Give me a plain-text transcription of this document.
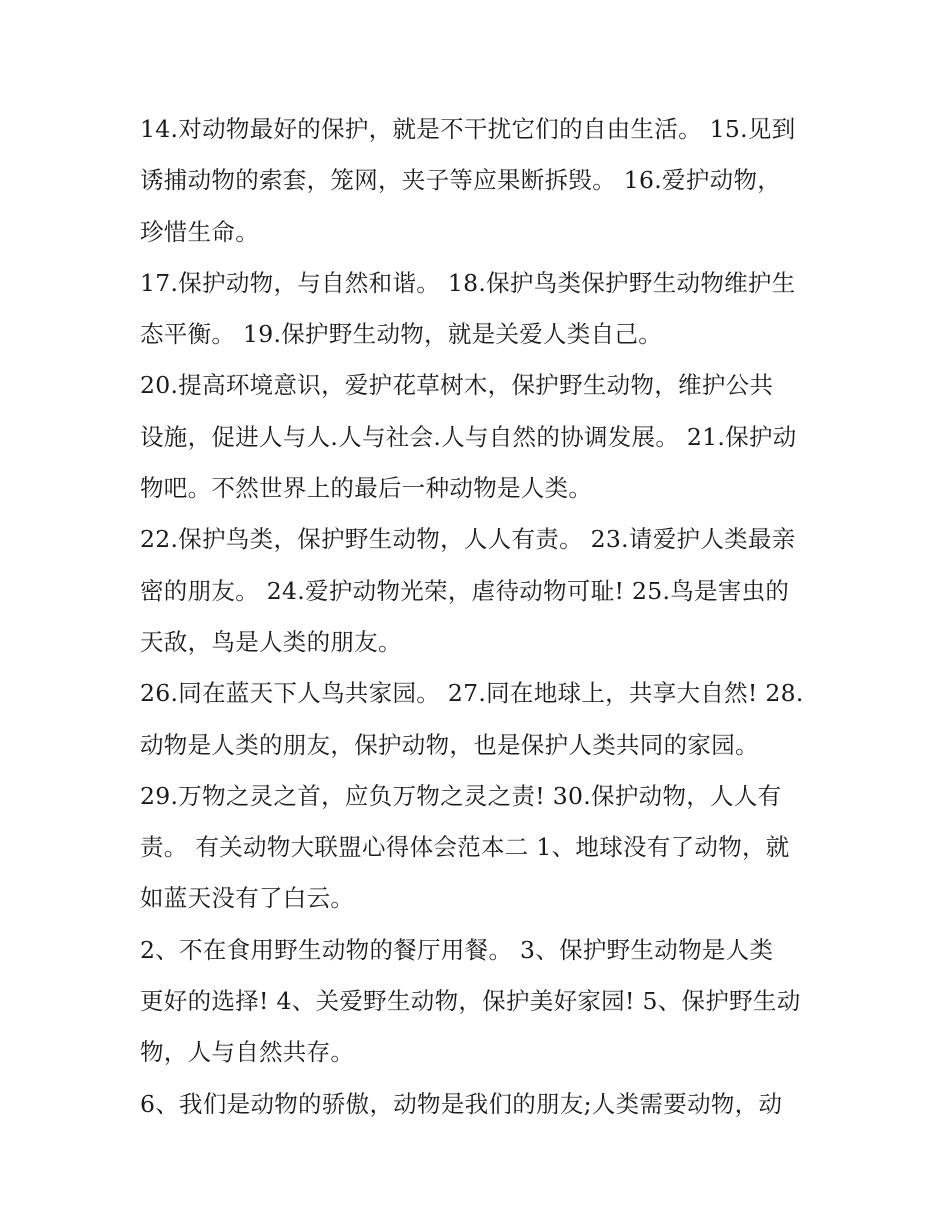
14.对动物最好的保护，就是不干扰它们的自由生活。 15.见到
诱捕动物的索套，笼网，夹子等应果断拆毁。 16.爱护动物，
珍惜生命。
17.保护动物，与自然和谐。 18.保护鸟类保护野生动物维护生
态平衡。 19.保护野生动物，就是关爱人类自己。
20.提高环境意识，爱护花草树木，保护野生动物，维护公共
设施，促进人与人.人与社会.人与自然的协调发展。 21.保护动
物吧。不然世界上的最后一种动物是人类。
22.保护鸟类，保护野生动物，人人有责。 23.请爱护人类最亲
密的朋友。 24.爱护动物光荣，虐待动物可耻! 25.鸟是害虫的
天敌，鸟是人类的朋友。
26.同在蓝天下人鸟共家园。 27.同在地球上，共享大自然! 28.
动物是人类的朋友，保护动物，也是保护人类共同的家园。
29.万物之灵之首，应负万物之灵之责! 30.保护动物，人人有
责。 有关动物大联盟心得体会范本二 1、地球没有了动物，就
如蓝天没有了白云。
2、不在食用野生动物的餐厅用餐。 3、保护野生动物是人类
更好的选择! 4、关爱野生动物，保护美好家园! 5、保护野生动
物，人与自然共存。
6、我们是动物的骄傲，动物是我们的朋友;人类需要动物，动
